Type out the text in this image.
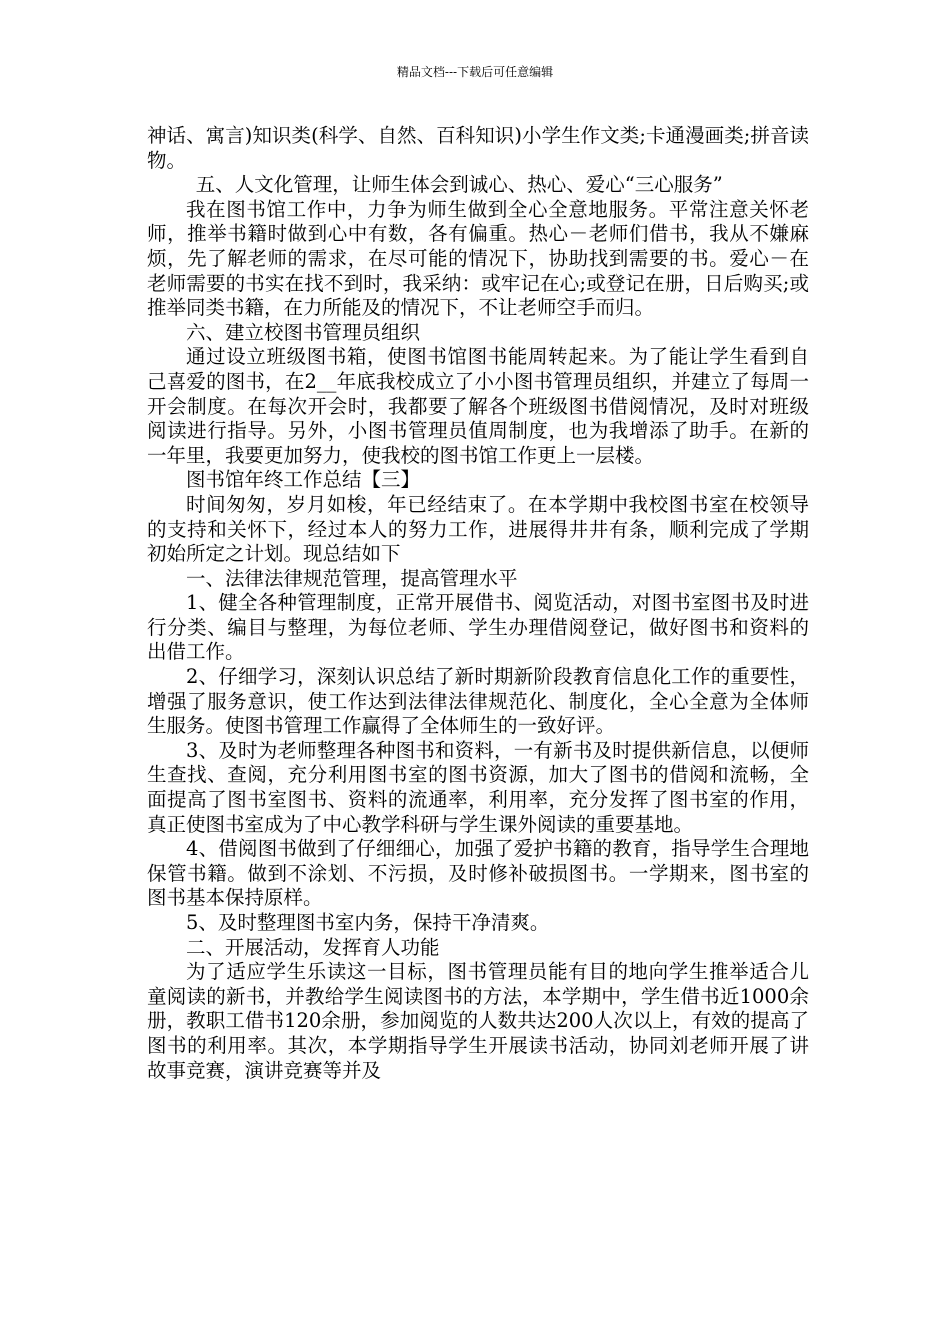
精品文档---下载后可任意编辑

神话、寓言)知识类(科学、自然、百科知识)小学生作文类;卡通漫画类;拼音读物。

五、人文化管理，让师生体会到诚心、热心、爱心“三心服务”

我在图书馆工作中，力争为师生做到全心全意地服务。平常注意关怀老师，推举书籍时做到心中有数，各有偏重。热心－老师们借书，我从不嫌麻烦，先了解老师的需求，在尽可能的情况下，协助找到需要的书。爱心－在老师需要的书实在找不到时，我采纳：或牢记在心;或登记在册，日后购买;或推举同类书籍，在力所能及的情况下，不让老师空手而归。

六、建立校图书管理员组织

通过设立班级图书箱，使图书馆图书能周转起来。为了能让学生看到自己喜爱的图书，在2__年底我校成立了小小图书管理员组织，并建立了每周一开会制度。在每次开会时，我都要了解各个班级图书借阅情况，及时对班级阅读进行指导。另外，小图书管理员值周制度，也为我增添了助手。在新的一年里，我要更加努力，使我校的图书馆工作更上一层楼。

图书馆年终工作总结【三】

时间匆匆，岁月如梭，年已经结束了。在本学期中我校图书室在校领导的支持和关怀下，经过本人的努力工作，进展得井井有条，顺利完成了学期初始所定之计划。现总结如下

一、法律法律规范管理，提高管理水平

1、健全各种管理制度，正常开展借书、阅览活动，对图书室图书及时进行分类、编目与整理，为每位老师、学生办理借阅登记，做好图书和资料的出借工作。

2、仔细学习，深刻认识总结了新时期新阶段教育信息化工作的重要性，增强了服务意识，使工作达到法律法律规范化、制度化，全心全意为全体师生服务。使图书管理工作赢得了全体师生的一致好评。

3、及时为老师整理各种图书和资料，一有新书及时提供新信息，以便师生查找、查阅，充分利用图书室的图书资源，加大了图书的借阅和流畅，全面提高了图书室图书、资料的流通率，利用率，充分发挥了图书室的作用，真正使图书室成为了中心教学科研与学生课外阅读的重要基地。

4、借阅图书做到了仔细细心，加强了爱护书籍的教育，指导学生合理地保管书籍。做到不涂划、不污损，及时修补破损图书。一学期来，图书室的图书基本保持原样。

5、及时整理图书室内务，保持干净清爽。

二、开展活动，发挥育人功能

为了适应学生乐读这一目标，图书管理员能有目的地向学生推举适合儿童阅读的新书，并教给学生阅读图书的方法，本学期中，学生借书近1000余册，教职工借书120余册，参加阅览的人数共达200人次以上，有效的提高了图书的利用率。其次，本学期指导学生开展读书活动，协同刘老师开展了讲故事竞赛，演讲竞赛等并及
